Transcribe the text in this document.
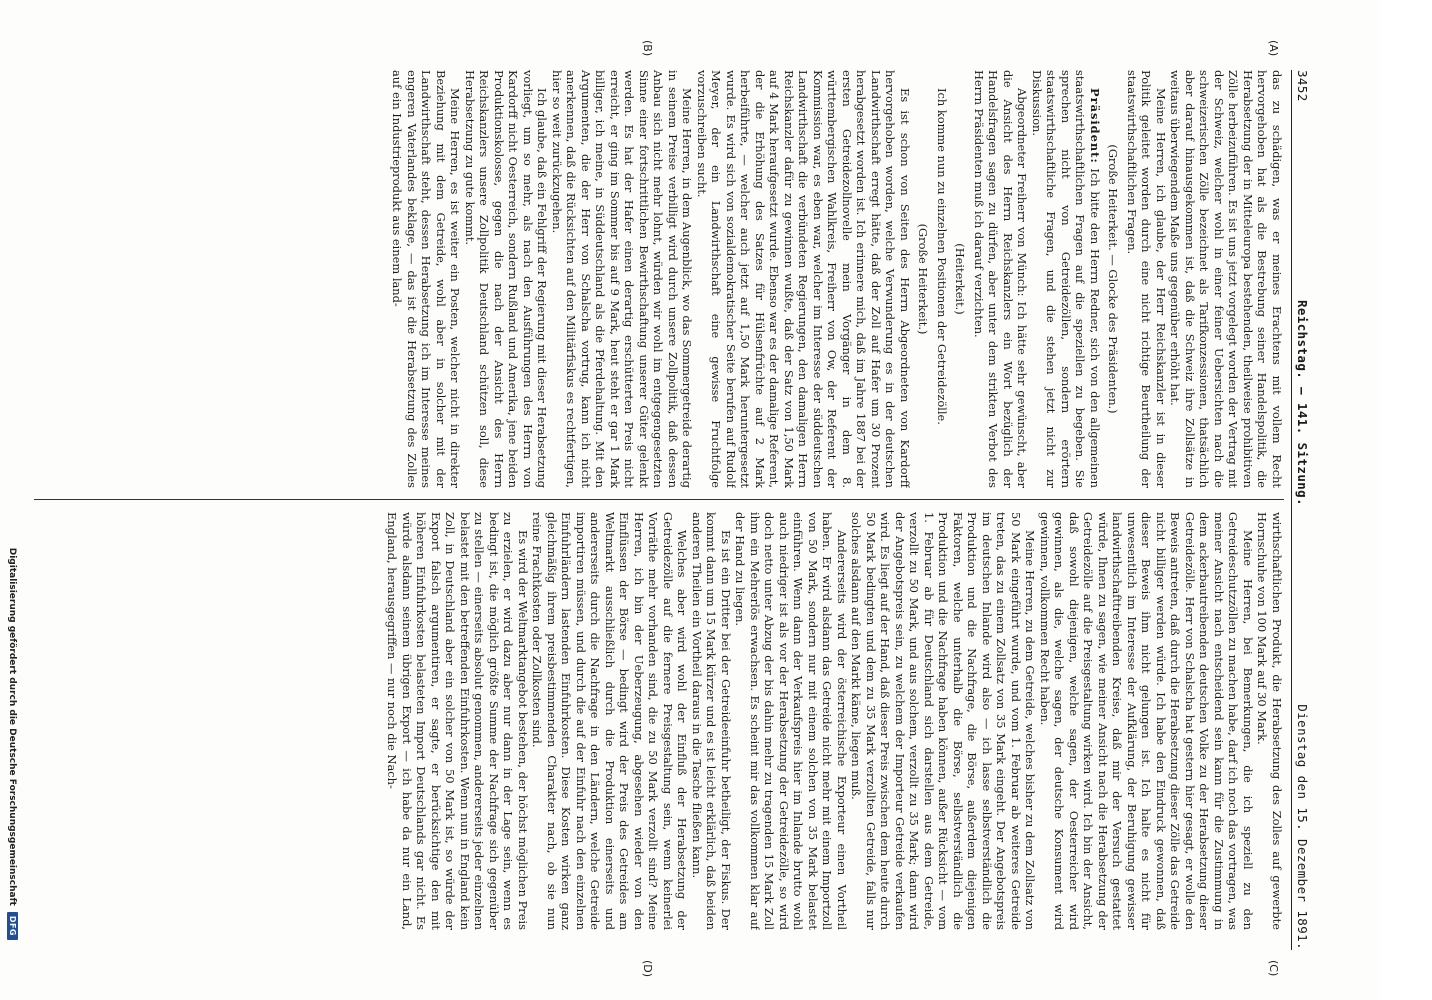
3452
Reichstag. — 141. Sitzung.
Dienstag den 15. Dezember 1891.
(A)
(B)
(C)
(D)

das zu schädigen, was er meines Erachtens mit vollem Recht hervorgehoben hat als die Bestrebung seiner Handelspolitik, die Herabsetzung der in Mitteleuropa bestehenden, theilweise prohibitiven Zölle herbeizuführen. Es ist uns jetzt vorgelegt worden der Vertrag mit der Schweiz, welcher wohl in einer feiner Uebersichten nach die schweizerischen Zölle bezeichnet als Tarifkonzessionen, thatsächlich aber darauf hinausgekommen ist, daß die Schweiz ihre Zollsätze in weitaus überwiegendem Maße uns gegenüber erhöht hat.

Meine Herren, ich glaube, der Herr Reichskanzler ist in dieser Politik geleitet worden durch eine nicht richtige Beurtheilung der staatswirthschaftlichen Fragen.

(Große Heiterkeit. — Glocke des Präsidenten.)

Präsident: Ich bitte den Herrn Redner, sich von den allgemeinen staatswirthschaftlichen Fragen auf die speziellen zu begeben. Sie sprechen nicht von Getreidezöllen, sondern erörtern staatswirthschaftliche Fragen, und die stehen jetzt nicht zur Diskussion.

Abgeordneter Freiherr von Münch: Ich hätte sehr gewünscht, aber die Ansicht des Herrn Reichskanzlers ein Wort bezüglich der Handelsfragen sagen zu dürfen, aber unter dem strikten Verbot des Herrn Präsidenten muß ich darauf verzichten.

(Heiterkeit.)

Ich komme nun zu einzelnen Positionen der Getreidezölle.

(Große Heiterkeit.)

Es ist schon von Seiten des Herrn Abgeordneten von Kardorff hervorgehoben worden, welche Verwunderung es in der deutschen Landwirthschaft erregt hätte, daß der Zoll auf Hafer um 30 Prozent herabgesetzt worden ist. Ich erinnere mich, daß im Jahre 1887 bei der ersten Getreidezollnovelle mein Vorgänger in dem 8. württembergischen Wahlkreis, Freiherr von Ow, der Referent der Kommission war, es eben war, welcher im Interesse der süddeutschen Landwirthschaft die verbündeten Regierungen, den damaligen Herrn Reichskanzler dafür zu gewinnen wußte, daß der Satz von 1,50 Mark auf 4 Mark heraufgesetzt wurde. Ebenso war es der damalige Referent, der die Erhöhung des Satzes für Hülsenfrüchte auf 2 Mark herbeiführte, — welcher auch jetzt auf 1,50 Mark heruntergesetzt wurde. Es wird sich von sozialdemokratischer Seite berufen auf Rudolf Meyer, der ein Landwirthschaft eine gewisse Fruchtfolge vorzuschreiben sucht.

Meine Herren, in dem Augenblick, wo das Sommergetreide derartig in seinem Preise verbilligt wird durch unsere Zollpolitik, daß dessen Anbau sich nicht mehr lohnt, würden wir wohl im entgegengesetzten Sinne einer fortschrittlichen Bewirthschaftung unserer Güter gelenkt werden. Es hat der Hafer einen derartig erschütterten Preis nicht erreicht, er ging im Sommer bis auf 9 Mark, heut steht er gar 1 Mark billiger, ich meine, in Süddeutschland als die Pferdehaltung. Mit den Argumenten, die der Herr von Schalscha vortrug, kann ich nicht anerkennen, daß die Rücksichten auf den Militärfiskus es rechtfertigen, hier so weit zurückzugehen.

Ich glaube, daß ein Fehlgriff der Regierung mit dieser Herabsetzung vorliegt, um so mehr, als nach den Ausführungen des Herrn von Kardorff nicht Oesterreich, sondern Rußland und Amerika, jene beiden Produktionskolosse, gegen die nach der Ansicht des Herrn Reichskanzlers unsere Zollpolitik Deutschland schützen soll, diese Herabsetzung zu gute kommt.

Meine Herren, es ist weiter ein Posten, welcher nicht in direkter Beziehung mit dem Getreide, wohl aber in solcher mit der Landwirthschaft steht, dessen Herabsetzung ich im Interesse meines engeren Vaterlandes beklage, — das ist die Herabsetzung des Zolles auf ein Industrieprodukt aus einem land-

wirthschaftlichen Produkt, die Herabsetzung des Zolles auf gewerbte Hornschuhe von 100 Mark auf 30 Mark.

Meine Herren, bei Bemerkungen, die ich speziell zu den Getreideschutzzöllen zu machen habe, darf ich noch das vortragen, was meiner Ansicht nach entscheidend sein kann für die Zustimmung in dem ackerbautreibenden deutschen Volke zu der Herabsetzung dieser Getreidezölle. Herr von Schalscha hat gestern hier gesagt, er wolle den Beweis antreten, daß durch die Herabsetzung dieser Zölle das Getreide nicht billiger werden würde. Ich habe den Eindruck gewonnen, daß dieser Beweis ihm nicht gelungen ist. Ich halte es nicht für unwesentlich im Interesse der Aufklärung, der Beruhigung gewisser landwirthschafttreibenden Kreise, daß mir der Versuch gestattet würde, Ihnen zu sagen, wie meiner Ansicht nach die Herabsetzung der Getreidezölle auf die Preisgestaltung wirken wird. Ich bin der Ansicht, daß sowohl diejenigen, welche sagen, der Oesterreicher wird gewinnen, als die, welche sagen, der deutsche Konsument wird gewinnen, vollkommen Recht haben.

Meine Herren, zu dem Getreide, welches bisher zu dem Zollsatz von 50 Mark eingeführt wurde, und vom 1. Februar ab weiteres Getreide treten, das zu einem Zollsatz von 35 Mark eingeht. Der Angebotspreis im deutschen Inlande wird also — ich lasse selbstverständlich die Produktion und die Nachfrage, die Börse, außerdem diejenigen Faktoren, welche unterhalb die Börse, selbstverständlich die Produktion und die Nachfrage haben können, außer Rücksicht — vom 1. Februar ab für Deutschland sich darstellen aus dem Getreide, verzollt zu 50 Mark, und aus solchem, verzollt zu 35 Mark; dann wird der Angebotspreis sein, zu welchem der Importeur Getreide verkaufen wird. Es liegt auf der Hand, daß dieser Preis zwischen dem heute durch 50 Mark bedingten und dem zu 35 Mark verzollten Getreide, falls nur solches alsdann auf den Markt käme, liegen muß.

Andererseits wird der österreichische Exporteur einen Vortheil haben. Er wird alsdann das Getreide nicht mehr mit einem Importzoll von 50 Mark, sondern nur mit einem solchen von 35 Mark belastet einführen. Wenn dann der Verkaufspreis hier im Inlande brutto wohl auch niedriger ist als vor der Herabsetzung der Getreidezölle, so wird doch netto unter Abzug der bis dahin mehr zu tragenden 15 Mark Zoll ihm ein Mehrerlös erwachsen. Es scheint mir das vollkommen klar auf der Hand zu liegen.

Es ist ein Dritter bei der Getreideeinfuhr betheiligt, der Fiskus. Der kommt dann um 15 Mark kürzer und es ist leicht erklärlich, daß beiden anderen Theilen ein Vortheil daraus in die Tasche fließen kann.

Welches aber wird wohl der Einfluß der Herabsetzung der Getreidezölle auf die fernere Preisgestaltung sein, wenn keinerlei Vorräthe mehr vorhanden sind, die zu 50 Mark verzollt sind? Meine Herren, ich bin der Ueberzeugung, abgesehen wieder von den Einflüssen der Börse — bedingt wird der Preis des Getreides am Weltmarkt ausschließlich durch die Produktion einerseits und andererseits durch die Nachfrage in den Ländern, welche Getreide importiren müssen, und durch die auf der Einfuhr nach den einzelnen Einfuhrländern lastenden Einfuhrkosten. Diese Kosten wirken ganz gleichmäßig ihrem preisbestimmenden Charakter nach, ob sie nun reine Frachtkosten oder Zollkosten sind.

Es wird der Weltmarktangebot bestehen, der höchst möglichen Preis zu erzielen, er wird dazu aber nur dann in der Lage sein, wenn es bedingt ist, die möglich größte Summe der Nachfrage sich gegenüber zu stellen — einerseits absolut genommen, andererseits jeder einzelnen belastet mit den betreffenden Einfuhrkosten. Wenn nun in England kein Zoll, in Deutschland aber ein solcher von 50 Mark ist, so würde der Export falsch argumentiren, er sagte, er berücksichtige den mit höheren Einfuhrkosten belasteten Import Deutschlands gar nicht. Es würde alsdann seinem übrigen Export — ich habe da nur ein Land, England, herausgegriffen — nur noch die Nach-

Digitalisierung gefördert durch die Deutsche Forschungsgemeinschaft
DFG
